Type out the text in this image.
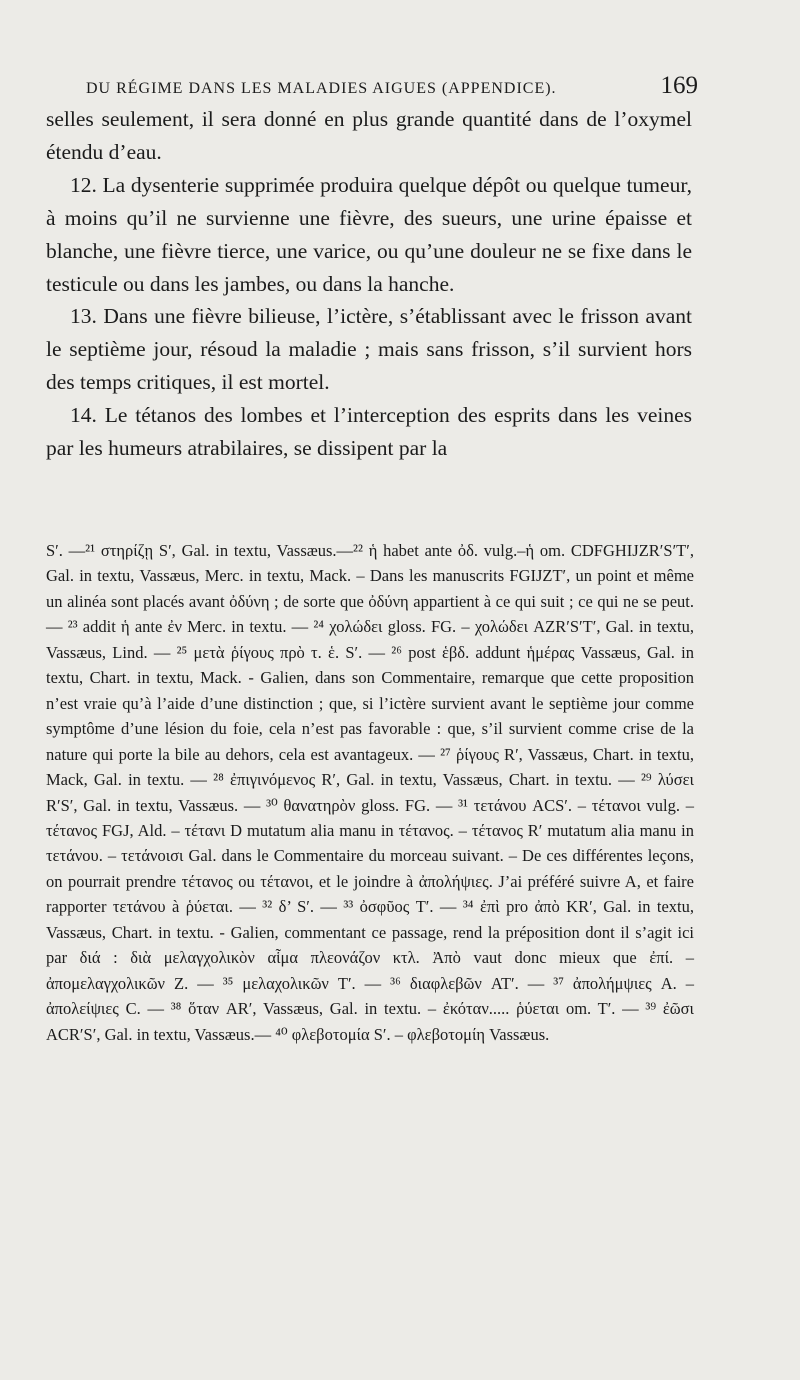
DU RÉGIME DANS LES MALADIES AIGUES (APPENDICE).	169

selles seulement, il sera donné en plus grande quantité dans de l’oxymel étendu d’eau.

12. La dysenterie supprimée produira quelque dépôt ou quelque tumeur, à moins qu’il ne survienne une fièvre, des sueurs, une urine épaisse et blanche, une fièvre tierce, une varice, ou qu’une douleur ne se fixe dans le testicule ou dans les jambes, ou dans la hanche.

13. Dans une fièvre bilieuse, l’ictère, s’établissant avec le frisson avant le septième jour, résoud la maladie ; mais sans frisson, s’il survient hors des temps critiques, il est mortel.

14. Le tétanos des lombes et l’interception des esprits dans les veines par les humeurs atrabilaires, se dissipent par la

S′. —²¹ στηρίζῃ S′, Gal. in textu, Vassæus.—²² ἡ habet ante ὀδ. vulg.–ἡ om. CDFGHIJZR′S′T′, Gal. in textu, Vassæus, Merc. in textu, Mack. – Dans les manuscrits FGIJZT′, un point et même un alinéa sont placés avant ὀδύνη ; de sorte que ὀδύνη appartient à ce qui suit ; ce qui ne se peut. — ²³ addit ἡ ante ἐν Merc. in textu. — ²⁴ χολώδει gloss. FG. – χολώδει AZR′S′T′, Gal. in textu, Vassæus, Lind. — ²⁵ μετὰ ῥίγους πρὸ τ. ἑ. S′. — ²⁶ post ἑβδ. addunt ἡμέρας Vassæus, Gal. in textu, Chart. in textu, Mack. - Galien, dans son Commentaire, remarque que cette proposition n’est vraie qu’à l’aide d’une distinction ; que, si l’ictère survient avant le septième jour comme symptôme d’une lésion du foie, cela n’est pas favorable : que, s’il survient comme crise de la nature qui porte la bile au dehors, cela est avantageux. — ²⁷ ῥίγους R′, Vassæus, Chart. in textu, Mack, Gal. in textu. — ²⁸ ἐπιγινόμενος R′, Gal. in textu, Vassæus, Chart. in textu. — ²⁹ λύσει R′S′, Gal. in textu, Vassæus. — ³⁰ θανατηρὸν gloss. FG. — ³¹ τετάνου ACS′. – τέτανοι vulg. – τέτανος FGJ, Ald. – τέτανι D mutatum alia manu in τέτανος. – τέτανος R′ mutatum alia manu in τετάνου. – τετάνοισι Gal. dans le Commentaire du morceau suivant. – De ces différentes leçons, on pourrait prendre τέτανος ou τέτανοι, et le joindre à ἀπολήψιες. J’ai préféré suivre A, et faire rapporter τετάνου à ῥύεται. — ³² δ’ S′. — ³³ ὀσφῦος T′. — ³⁴ ἐπὶ pro ἀπὸ KR′, Gal. in textu, Vassæus, Chart. in textu. - Galien, commentant ce passage, rend la préposition dont il s’agit ici par διά : διὰ μελαγχολικὸν αἷμα πλεονάζον κτλ. Ἀπὸ vaut donc mieux que ἐπί. – ἀπομελαγχολικῶν Z. — ³⁵ μελαχολικῶν T′. — ³⁶ διαφλεβῶν AT′. — ³⁷ ἀπολήμψιες A. – ἀπολείψιες C. — ³⁸ ὅταν AR′, Vassæus, Gal. in textu. – ἐκόταν..... ῥύεται om. T′. — ³⁹ ἐῶσι ACR′S′, Gal. in textu, Vassæus.— ⁴⁰ φλεβοτομία S′. – φλεβοτομίη Vassæus.
